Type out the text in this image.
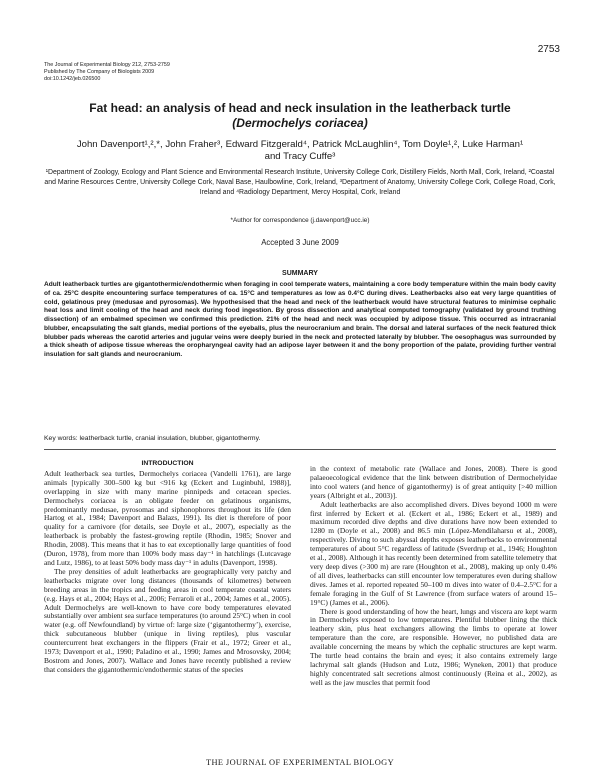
2753
The Journal of Experimental Biology 212, 2753-2759
Published by The Company of Biologists 2009
doi:10.1242/jeb.026500
Fat head: an analysis of head and neck insulation in the leatherback turtle
(Dermochelys coriacea)
John Davenport¹,²,*, John Fraher³, Edward Fitzgerald⁴, Patrick McLaughlin⁴, Tom Doyle¹,², Luke Harman¹
and Tracy Cuffe³
¹Department of Zoology, Ecology and Plant Science and Environmental Research Institute, University College Cork, Distillery Fields, North Mall, Cork, Ireland, ²Coastal and Marine Resources Centre, University College Cork, Naval Base, Haulbowline, Cork, Ireland, ³Department of Anatomy, University College Cork, College Road, Cork, Ireland and ⁴Radiology Department, Mercy Hospital, Cork, Ireland
*Author for correspondence (j.davenport@ucc.ie)
Accepted 3 June 2009
SUMMARY
Adult leatherback turtles are gigantothermic/endothermic when foraging in cool temperate waters, maintaining a core body temperature within the main body cavity of ca. 25°C despite encountering surface temperatures of ca. 15°C and temperatures as low as 0.4°C during dives. Leatherbacks also eat very large quantities of cold, gelatinous prey (medusae and pyrosomas). We hypothesised that the head and neck of the leatherback would have structural features to minimise cephalic heat loss and limit cooling of the head and neck during food ingestion. By gross dissection and analytical computed tomography (validated by ground truthing dissection) of an embalmed specimen we confirmed this prediction. 21% of the head and neck was occupied by adipose tissue. This occurred as intracranial blubber, encapsulating the salt glands, medial portions of the eyeballs, plus the neurocranium and brain. The dorsal and lateral surfaces of the neck featured thick blubber pads whereas the carotid arteries and jugular veins were deeply buried in the neck and protected laterally by blubber. The oesophagus was surrounded by a thick sheath of adipose tissue whereas the oropharyngeal cavity had an adipose layer between it and the bony proportion of the palate, providing further ventral insulation for salt glands and neurocranium.
Key words: leatherback turtle, cranial insulation, blubber, gigantothermy.
INTRODUCTION

Adult leatherback sea turtles, Dermochelys coriacea (Vandelli 1761), are large animals [typically 300–500 kg but <916 kg (Eckert and Luginbuhl, 1988)], overlapping in size with many marine pinnipeds and cetacean species. Dermochelys coriacea is an obligate feeder on gelatinous organisms, predominantly medusae, pyrosomas and siphonophores throughout its life (den Hartog et al., 1984; Davenport and Balazs, 1991). Its diet is therefore of poor quality for a carnivore (for details, see Doyle et al., 2007), especially as the leatherback is probably the fastest-growing reptile (Rhodin, 1985; Snover and Rhodin, 2008). This means that it has to eat exceptionally large quantities of food (Duron, 1978), from more than 100% body mass day⁻¹ in hatchlings (Lutcavage and Lutz, 1986), to at least 50% body mass day⁻¹ in adults (Davenport, 1998).

The prey densities of adult leatherbacks are geographically very patchy and leatherbacks migrate over long distances (thousands of kilometres) between breeding areas in the tropics and feeding areas in cool temperate coastal waters (e.g. Hays et al., 2004; Hays et al., 2006; Ferraroli et al., 2004; James et al., 2005). Adult Dermochelys are well-known to have core body temperatures elevated substantially over ambient sea surface temperatures (to around 25°C) when in cool water (e.g. off Newfoundland) by virtue of: large size (‘gigantothermy’), exercise, thick subcutaneous blubber (unique in living reptiles), plus vascular countercurrent heat exchangers in the flippers (Frair et al., 1972; Greer et al., 1973; Davenport et al., 1990; Paladino et al., 1990; James and Mrosovsky, 2004; Bostrom and Jones, 2007). Wallace and Jones have recently published a review that considers the gigantothermic/endothermic status of the species

in the context of metabolic rate (Wallace and Jones, 2008). There is good palaeoecological evidence that the link between distribution of Dermochelyidae into cool waters (and hence of gigantothermy) is of great antiquity [>40 million years (Albright et al., 2003)].

Adult leatherbacks are also accomplished divers. Dives beyond 1000 m were first inferred by Eckert et al. (Eckert et al., 1986; Eckert et al., 1989) and maximum recorded dive depths and dive durations have now been extended to 1280 m (Doyle et al., 2008) and 86.5 min (López-Mendilaharsu et al., 2008), respectively. Diving to such abyssal depths exposes leatherbacks to environmental temperatures of about 5°C regardless of latitude (Sverdrup et al., 1946; Houghton et al., 2008). Although it has recently been determined from satellite telemetry that very deep dives (>300 m) are rare (Houghton et al., 2008), making up only 0.4% of all dives, leatherbacks can still encounter low temperatures even during shallow dives. James et al. reported repeated 50–100 m dives into water of 0.4–2.5°C for a female foraging in the Gulf of St Lawrence (from surface waters of around 15–19°C) (James et al., 2006).

There is good understanding of how the heart, lungs and viscera are kept warm in Dermochelys exposed to low temperatures. Plentiful blubber lining the thick leathery skin, plus heat exchangers allowing the limbs to operate at lower temperature than the core, are responsible. However, no published data are available concerning the means by which the cephalic structures are kept warm. The turtle head contains the brain and eyes; it also contains extremely large lachrymal salt glands (Hudson and Lutz, 1986; Wyneken, 2001) that produce highly concentrated salt secretions almost continuously (Reina et al., 2002), as well as the jaw muscles that permit food

THE JOURNAL OF EXPERIMENTAL BIOLOGY
